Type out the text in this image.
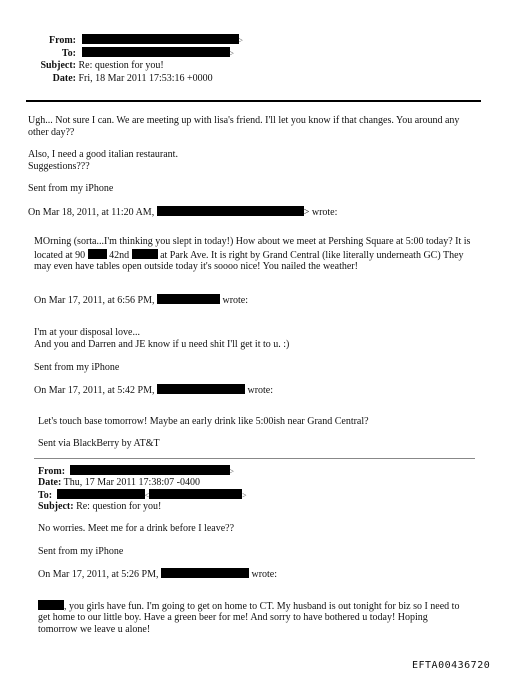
From:	>
To:	>
Subject: Re: question for you!
Date: Fri, 18 Mar 2011 17:53:16 +0000
Ugh... Not sure I can. We are meeting up with lisa's friend. I'll let you know if that changes. You around any other day??
Also, I need a good italian restaurant.
Suggestions???
Sent from my iPhone
On Mar 18, 2011, at 11:20 AM,	> wrote:
MOrning (sorta...I'm thinking you slept in today!) How about we meet at Pershing Square at 5:00 today? It is
located at 90 42nd	at Park Ave. It is right by Grand Central (like literally underneath GC) They
may even have tables open outside today it's soooo nice! You nailed the weather!
On Mar 17, 2011, at 6:56 PM,	wrote:
I'm at your disposal love...
And you and Darren and JE know if u need shit I'll get it to u. :)
Sent from my iPhone
On Mar 17, 2011, at 5:42 PM,	wrote:
Let's touch base tomorrow! Maybe an early drink like 5:00ish near Grand Central?
Sent via BlackBerry by AT&T
From:	>
Date: Thu, 17 Mar 2011 17:38:07 -0400
To:	<	>
Subject: Re: question for you!
No worries. Meet me for a drink before I leave??
Sent from my iPhone
On Mar 17, 2011, at 5:26 PM,	wrote:
, you girls have fun. I'm going to get on home to CT. My husband is out tonight for biz so I need to
get home to our little boy. Have a green beer for me! And sorry to have bothered u today! Hoping
tomorrow we leave u alone!
EFTA00436720
